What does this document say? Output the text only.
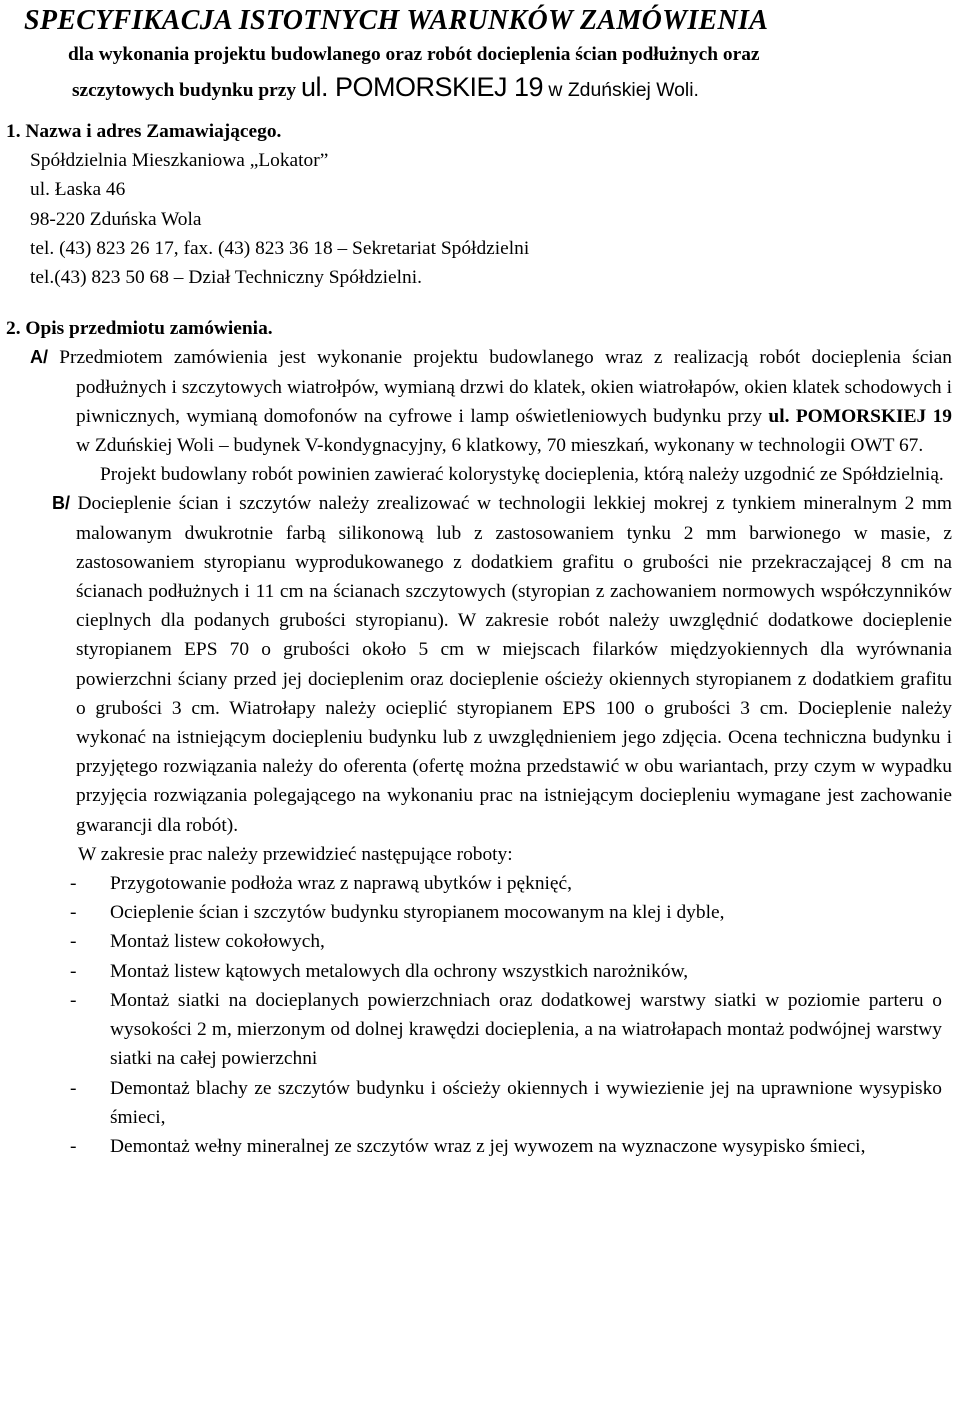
SPECYFIKACJA ISTOTNYCH WARUNKÓW ZAMÓWIENIA
dla wykonania projektu budowlanego oraz robót docieplenia ścian podłużnych oraz
szczytowych budynku przy ul. POMORSKIEJ 19 w Zduńskiej Woli.
1. Nazwa i adres Zamawiającego.
Spółdzielnia Mieszkaniowa „Lokator”
ul. Łaska 46
98-220 Zduńska Wola
tel. (43) 823 26 17, fax. (43) 823 36 18 – Sekretariat Spółdzielni
tel.(43) 823 50 68 – Dział Techniczny Spółdzielni.
2. Opis przedmiotu zamówienia.
A/ Przedmiotem zamówienia jest wykonanie projektu budowlanego wraz z realizacją robót docieplenia ścian podłużnych i szczytowych wiatrołpów, wymianą drzwi do klatek, okien wiatrołapów, okien klatek schodowych i piwnicznych, wymianą domofonów na cyfrowe i lamp oświetleniowych budynku przy ul. POMORSKIEJ 19 w Zduńskiej Woli – budynek V-kondygnacyjny, 6 klatkowy, 70 mieszkań, wykonany w technologii OWT 67.
Projekt budowlany robót powinien zawierać kolorystykę docieplenia, którą należy uzgodnić ze Spółdzielnią.
B/ Docieplenie ścian i szczytów należy zrealizować w technologii lekkiej mokrej z tynkiem mineralnym 2 mm malowanym dwukrotnie farbą silikonową lub z zastosowaniem tynku 2 mm barwionego w masie, z zastosowaniem styropianu wyprodukowanego z dodatkiem grafitu o grubości nie przekraczającej 8 cm na ścianach podłużnych i 11 cm na ścianach szczytowych (styropian z zachowaniem normowych współczynników cieplnych dla podanych grubości styropianu). W zakresie robót należy uwzględnić dodatkowe docieplenie styropianem EPS 70 o grubości około 5 cm w miejscach filarków międzyokiennych dla wyrównania powierzchni ściany przed jej docieplenim oraz docieplenie ościeży okiennych styropianem z dodatkiem grafitu o grubości 3 cm. Wiatrołapy należy ocieplić styropianem EPS 100 o grubości 3 cm. Docieplenie należy wykonać na istniejącym dociepleniu budynku lub z uwzględnieniem jego zdjęcia. Ocena techniczna budynku i przyjętego rozwiązania należy do oferenta (ofertę można przedstawić w obu wariantach, przy czym w wypadku przyjęcia rozwiązania polegającego na wykonaniu prac na istniejącym dociepleniu wymagane jest zachowanie gwarancji dla robót).
W zakresie prac należy przewidzieć następujące roboty:
- Przygotowanie podłoża wraz z naprawą ubytków i pęknięć,
- Ocieplenie ścian i szczytów budynku styropianem mocowanym na klej i dyble,
- Montaż listew cokołowych,
- Montaż listew kątowych metalowych dla ochrony wszystkich narożników,
- Montaż siatki na docieplanych powierzchniach oraz dodatkowej warstwy siatki w poziomie parteru o wysokości 2 m, mierzonym od dolnej krawędzi docieplenia, a na wiatrołapach montaż podwójnej warstwy siatki na całej powierzchni
- Demontaż blachy ze szczytów budynku i ościeży okiennych i wywiezienie jej na uprawnione wysypisko śmieci,
- Demontaż wełny mineralnej ze szczytów wraz z jej wywozem na wyznaczone wysypisko śmieci,
